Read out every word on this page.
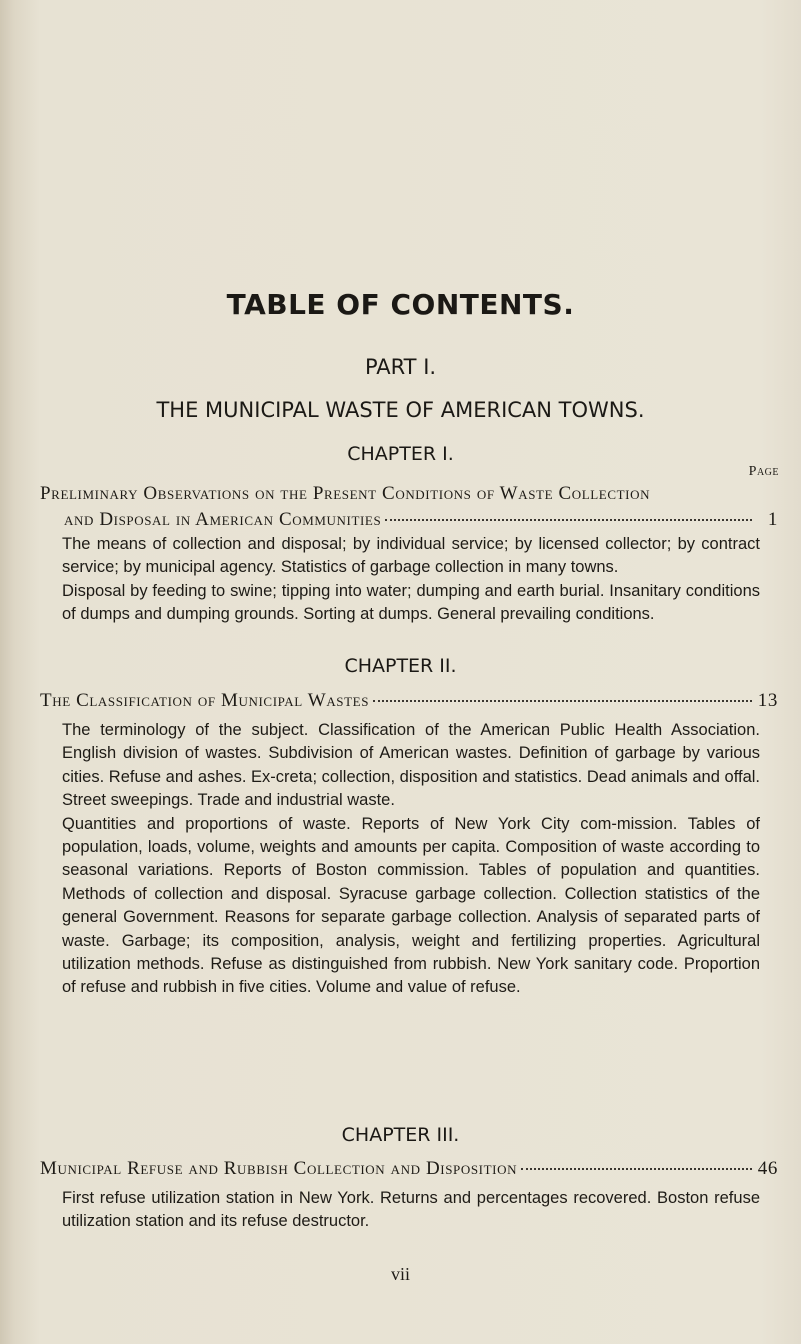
TABLE OF CONTENTS.
PART I.
THE MUNICIPAL WASTE OF AMERICAN TOWNS.
CHAPTER I.
Page
Preliminary Observations on the Present Conditions of Waste Collection
and Disposal in American Communities	1

The means of collection and disposal; by individual service; by licensed collector; by contract service; by municipal agency. Statistics of garbage collection in many towns.

Disposal by feeding to swine; tipping into water; dumping and earth burial. Insanitary conditions of dumps and dumping grounds. Sorting at dumps. General prevailing conditions.

CHAPTER II.
The Classification of Municipal Wastes	13

The terminology of the subject. Classification of the American Public Health Association. English division of wastes. Subdivision of American wastes. Definition of garbage by various cities. Refuse and ashes. Ex-creta; collection, disposition and statistics. Dead animals and offal. Street sweepings. Trade and industrial waste.

Quantities and proportions of waste. Reports of New York City com-mission. Tables of population, loads, volume, weights and amounts per capita. Composition of waste according to seasonal variations. Reports of Boston commission. Tables of population and quantities. Methods of collection and disposal. Syracuse garbage collection. Collection statistics of the general Government. Reasons for separate garbage collection. Analysis of separated parts of waste. Garbage; its composition, analysis, weight and fertilizing properties. Agricultural utilization methods. Refuse as distinguished from rubbish. New York sanitary code. Proportion of refuse and rubbish in five cities. Volume and value of refuse.

CHAPTER III.
Municipal Refuse and Rubbish Collection and Disposition	46

First refuse utilization station in New York. Returns and percentages recovered. Boston refuse utilization station and its refuse destructor.

vii
